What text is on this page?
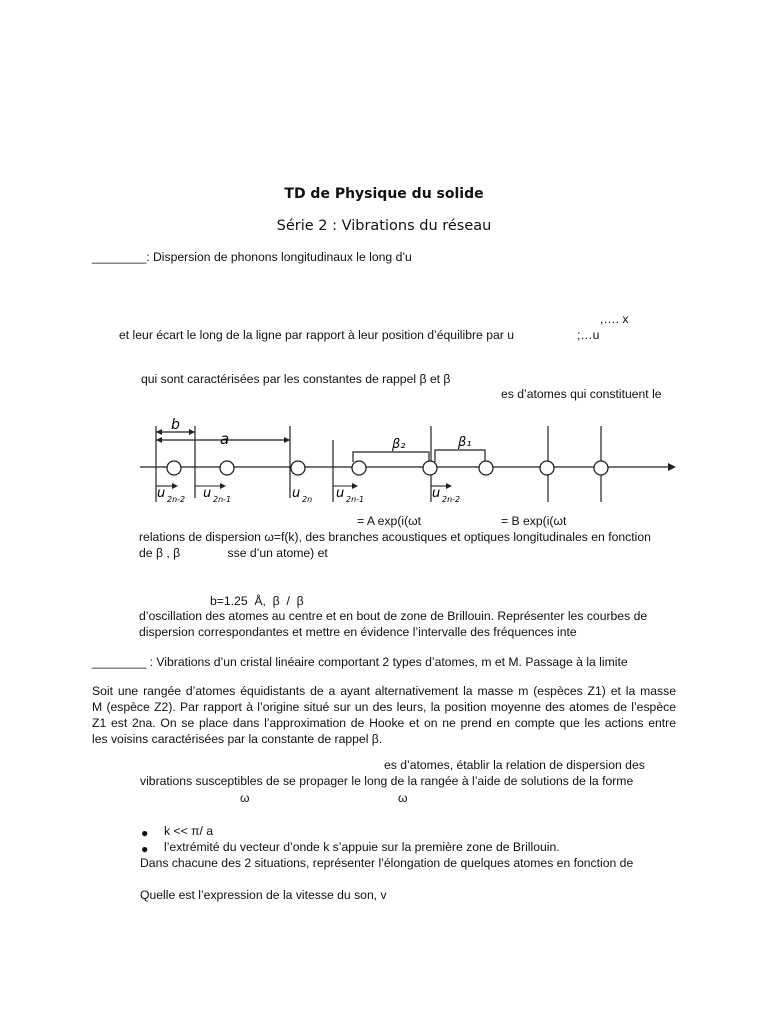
TD de Physique du solide
Série 2 : Vibrations du réseau
________: Dispersion de phonons longitudinaux le long d’u
,…. x
et leur écart le long de la ligne par rapport à leur position d’équilibre par u	;…u
qui sont caractérisées par les constantes de rappel β et β
es d’atomes qui constituent le
b
a	β₂	β₁
u	u	u	u	u
2n-2	2n-1	2n	2n-1	2n-2
= A exp(i(ωt	= B exp(i(ωt
relations de dispersion ω=f(k), des branches acoustiques et optiques longitudinales en fonction
de β , β              sse d’un atome) et
b=1.25  Å,  β  /  β
d’oscillation des atomes au centre et en bout de zone de Brillouin. Représenter les courbes de
dispersion correspondantes et mettre en évidence l’intervalle des fréquences inte
________ : Vibrations d’un cristal linéaire comportant 2 types d’atomes, m et M. Passage à la limite
Soit une rangée d’atomes équidistants de a ayant alternativement la masse m (espèces Z1) et la masse
M (espèce Z2). Par rapport à l’origine situé sur un des leurs, la position moyenne des atomes de l’espèce
Z1 est 2na. On se place dans l’approximation de Hooke et on ne prend en compte que les actions entre
les voisins caractérisées par la constante de rappel β.
es d’atomes, établir la relation de dispersion des
vibrations susceptibles de se propager le long de la rangée à l’aide de solutions de la forme
ω	ω
● k << π/ a
● l’extrémité du vecteur d’onde k s’appuie sur la première zone de Brillouin.
Dans chacune des 2 situations, représenter l’élongation de quelques atomes en fonction de
Quelle est l’expression de la vitesse du son, v
